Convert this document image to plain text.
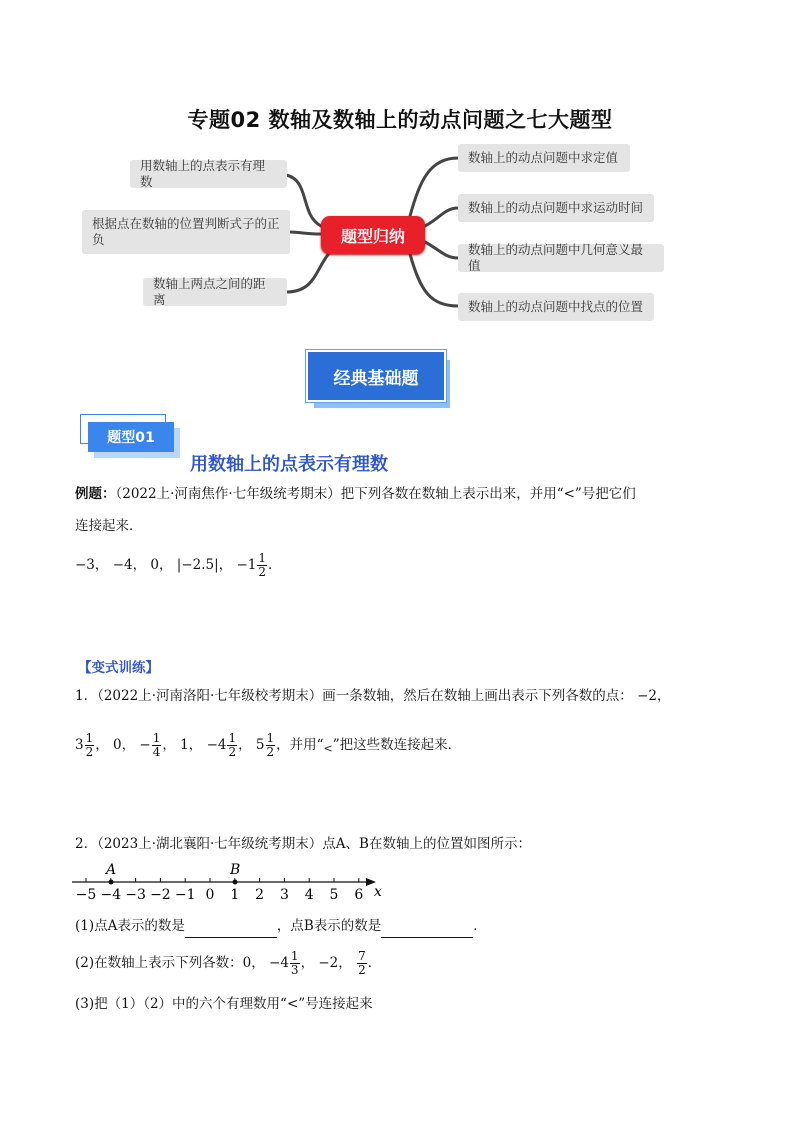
专题02 数轴及数轴上的动点问题之七大题型
用数轴上的点表示有理数
根据点在数轴的位置判断式子的正负
数轴上两点之间的距离
题型归纳
数轴上的动点问题中求定值
数轴上的动点问题中求运动时间
数轴上的动点问题中几何意义最值
数轴上的动点问题中找点的位置
经典基础题
题型01
用数轴上的点表示有理数
例题：（2022上·河南焦作·七年级统考期末）把下列各数在数轴上表示出来，并用“<”号把它们
连接起来．
−3， −4， 0， |−2.5|， $-1 \frac{1}{2}$ ．
【变式训练】
1．（2022上·河南洛阳·七年级校考期末）画一条数轴，然后在数轴上画出表示下列各数的点： −2，
$3 \frac{1}{2}$ ， 0， − $\frac{1}{4}$ ， 1， $-4 \frac{1}{2}$ ， $5 \frac{1}{2}$ ，并用“$_<$”把这些数连接起来．
2．（2023上·湖北襄阳·七年级统考期末）点A、B在数轴上的位置如图所示：
x
−5 −4 −3 −2 −1 0 1 2 3 4 5 6
A	B
(1)点A表示的数是	，点B表示的数是	．
(2)在数轴上表示下列各数：0， $-4 \frac{1}{3}$ ， −2， $\frac{7}{2}$ ．
(3)把（1）（2）中的六个有理数用“<”号连接起来
